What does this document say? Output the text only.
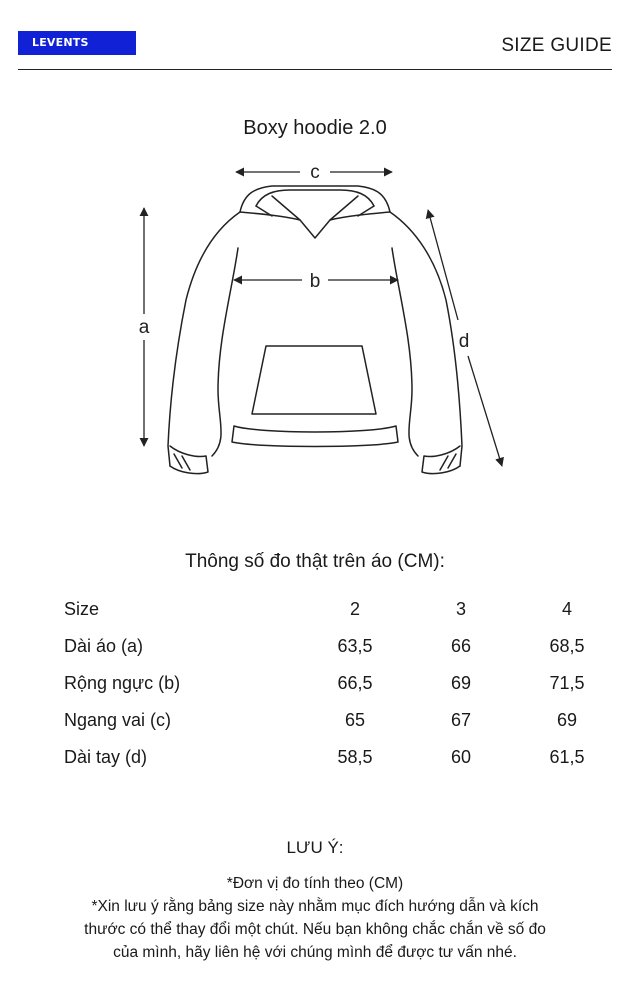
LEVENTS	SIZE GUIDE
Boxy hoodie 2.0
c
b
a
d
Thông số đo thật trên áo (CM):
Size	2	3	4
Dài áo (a)	63,5	66	68,5
Rộng ngực (b)	66,5	69	71,5
Ngang vai (c)	65	67	69
Dài tay (d)	58,5	60	61,5
LƯU Ý:
*Đơn vị đo tính theo (CM)
*Xin lưu ý rằng bảng size này nhằm mục đích hướng dẫn và kích
thước có thể thay đổi một chút. Nếu bạn không chắc chắn về số đo
của mình, hãy liên hệ với chúng mình để được tư vấn nhé.
